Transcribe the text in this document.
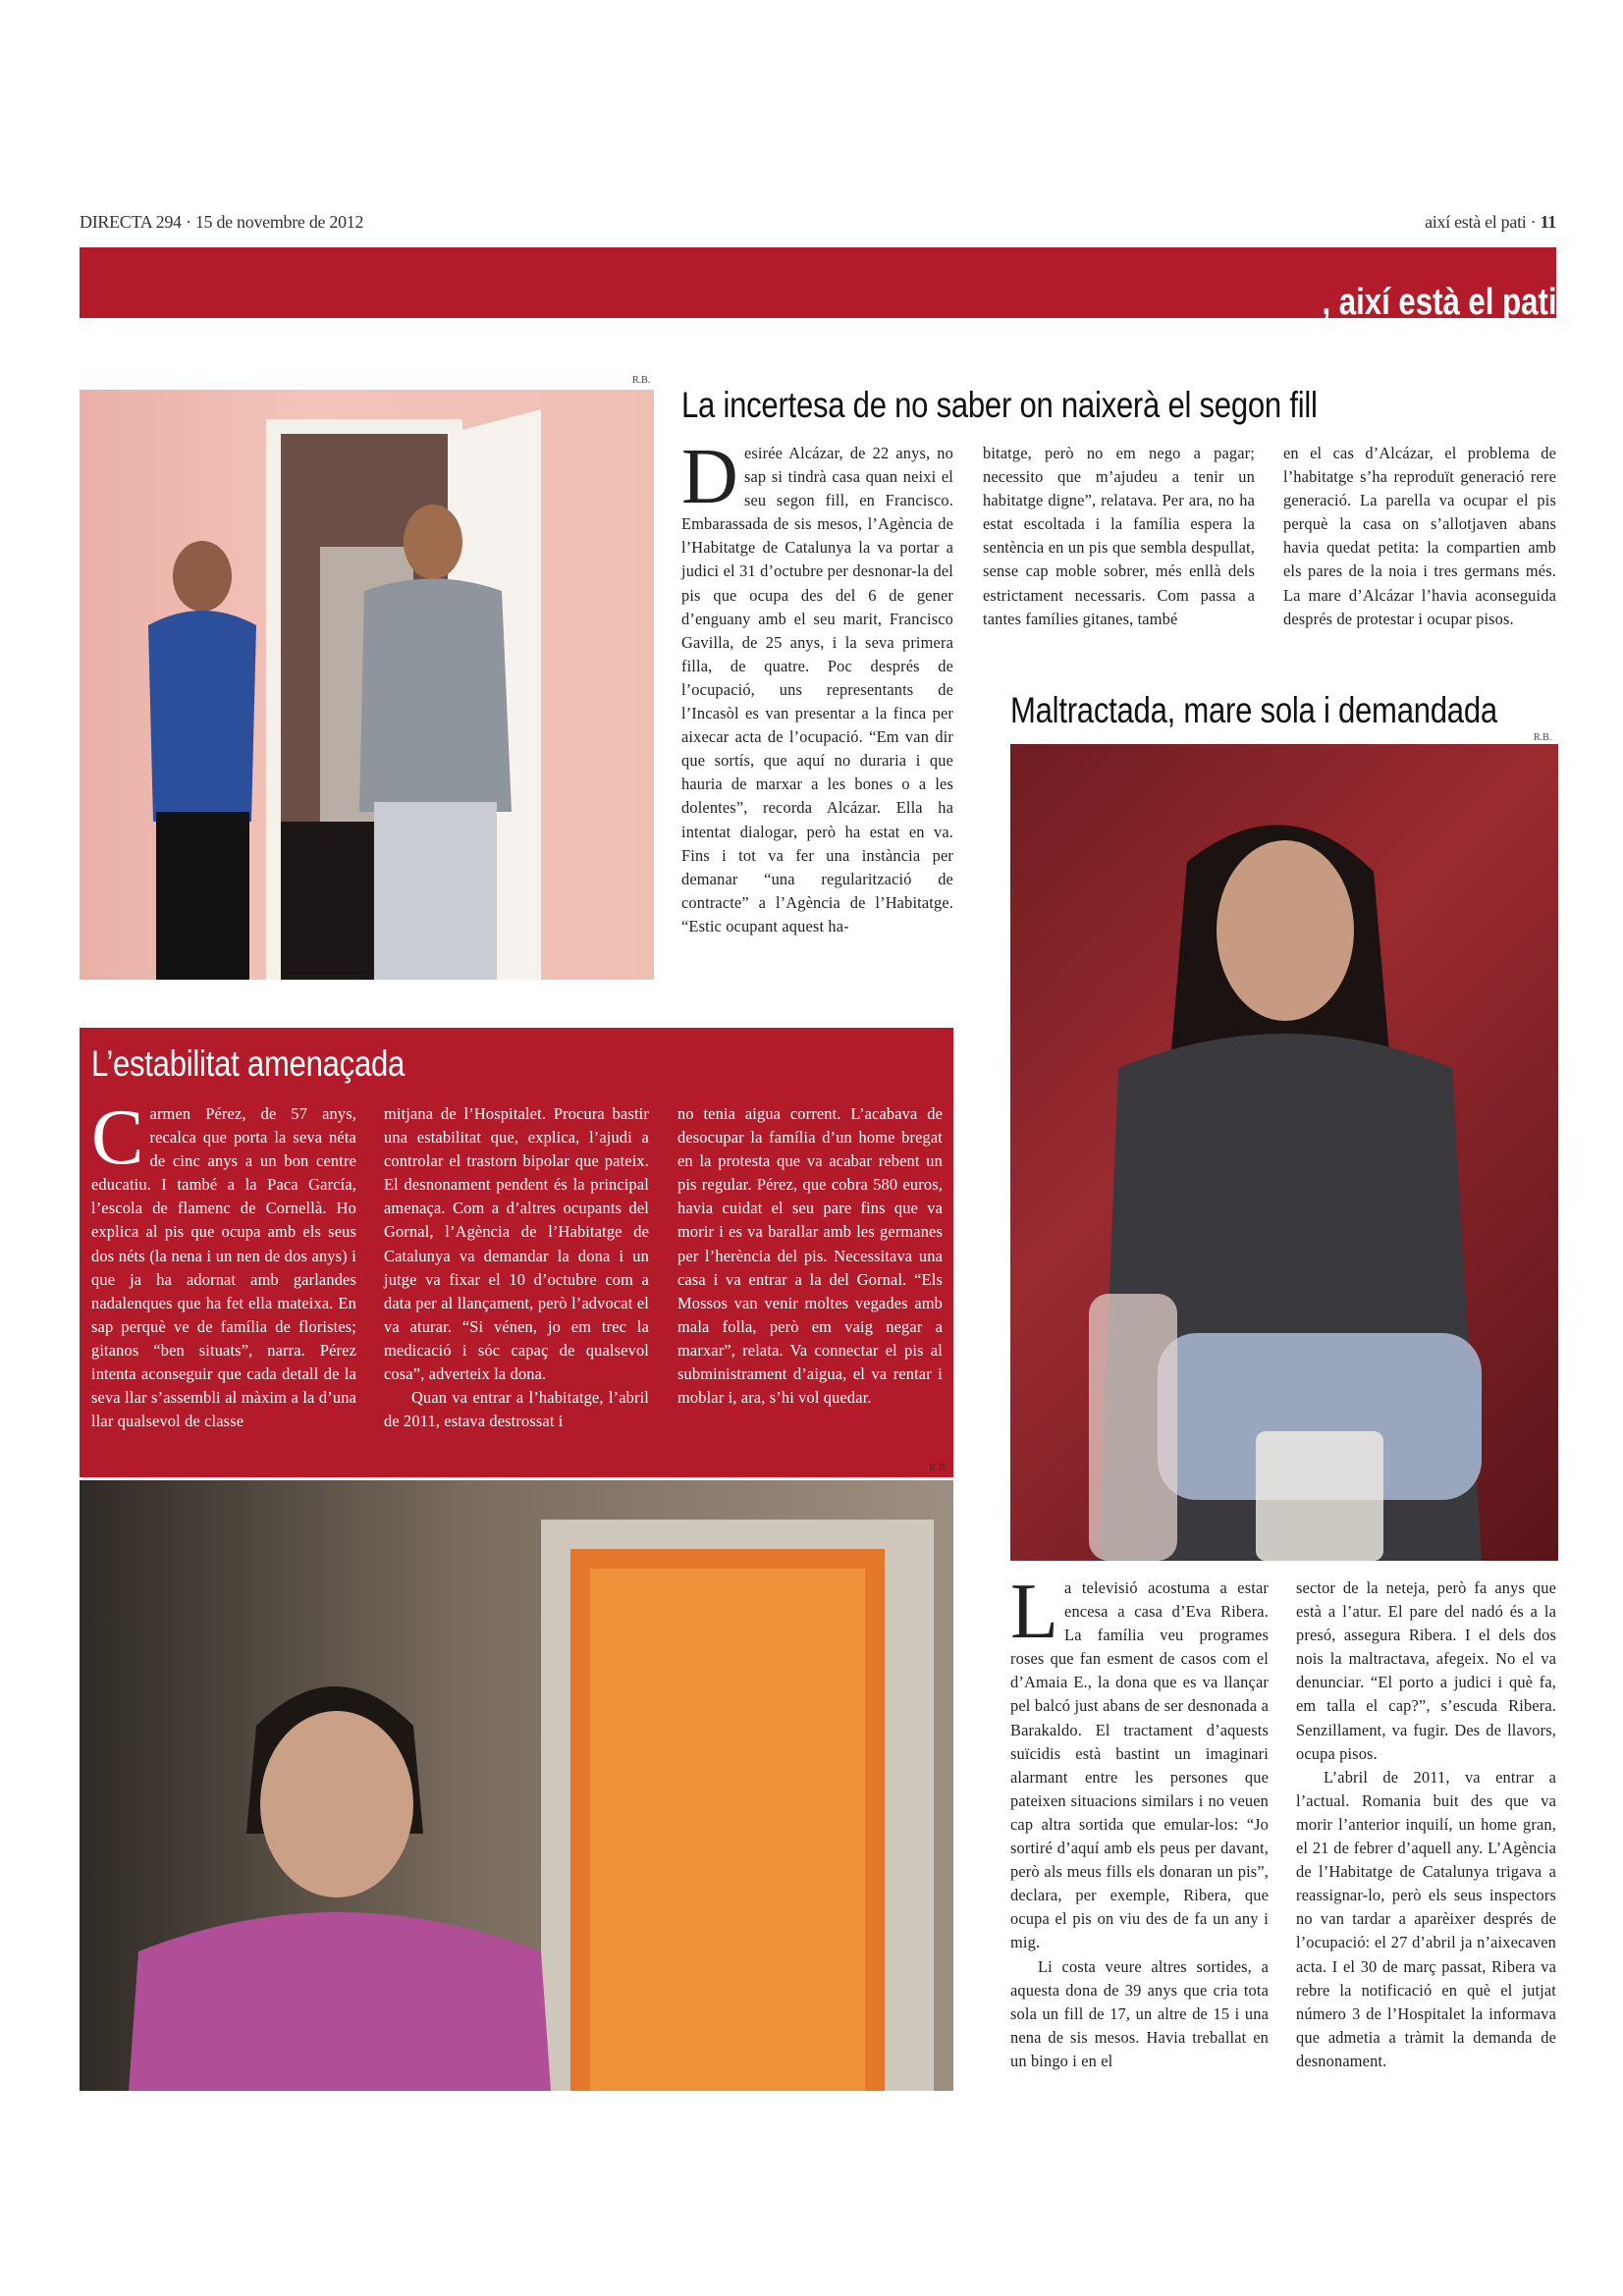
DIRECTA 294 · 15 de novembre de 2012	així està el pati · 11
, així està el pati
R.B.
La incertesa de no saber on naixerà el segon fill
D esirée Alcázar, de 22 anys, no sap si tindrà casa quan neixi el seu segon fill, en Francisco. Embarassada de sis mesos, l’Agència de l’Habitatge de Catalunya la va portar a judici el 31 d’octubre per desnonar-la del pis que ocupa des del 6 de gener d’enguany amb el seu marit, Francisco Gavilla, de 25 anys, i la seva primera filla, de quatre. Poc després de l’ocupació, uns representants de l’Incasòl es van presentar a la finca per aixecar acta de l’ocupació. “Em van dir que sortís, que aquí no duraria i que hauria de marxar a les bones o a les dolentes”, recorda Alcázar. Ella ha intentat dialogar, però ha estat en va. Fins i tot va fer una instància per demanar “una regularització de contracte” a l’Agència de l’Habitatge. “Estic ocupant aquest ha-

bitatge, però no em nego a pagar; necessito que m’ajudeu a tenir un habitatge digne”, relatava. Per ara, no ha estat escoltada i la família espera la sentència en un pis que sembla despullat, sense cap moble sobrer, més enllà dels estrictament necessaris. Com passa a tantes famílies gitanes, també

en el cas d’Alcázar, el problema de l’habitatge s’ha reproduït generació rere generació. La parella va ocupar el pis perquè la casa on s’allotjaven abans havia quedat petita: la compartien amb els pares de la noia i tres germans més. La mare d’Alcázar l’havia aconseguida després de protestar i ocupar pisos.

Maltractada, mare sola i demandada
R.B.
L a televisió acostuma a estar encesa a casa d’Eva Ribera. La família veu programes roses que fan esment de casos com el d’Amaia E., la dona que es va llançar pel balcó just abans de ser desnonada a Barakaldo. El tractament d’aquests suïcidis està bastint un imaginari alarmant entre les persones que pateixen situacions similars i no veuen cap altra sortida que emular-los: “Jo sortiré d’aquí amb els peus per davant, però als meus fills els donaran un pis”, declara, per exemple, Ribera, que ocupa el pis on viu des de fa un any i mig.

Li costa veure altres sortides, a aquesta dona de 39 anys que cria tota sola un fill de 17, un altre de 15 i una nena de sis mesos. Havia treballat en un bingo i en el

sector de la neteja, però fa anys que està a l’atur. El pare del nadó és a la presó, assegura Ribera. I el dels dos nois la maltractava, afegeix. No el va denunciar. “El porto a judici i què fa, em talla el cap?”, s’escuda Ribera. Senzillament, va fugir. Des de llavors, ocupa pisos.

L’abril de 2011, va entrar a l’actual. Romania buit des que va morir l’anterior inquilí, un home gran, el 21 de febrer d’aquell any. L’Agència de l’Habitatge de Catalunya trigava a reassignar-lo, però els seus inspectors no van tardar a aparèixer després de l’ocupació: el 27 d’abril ja n’aixecaven acta. I el 30 de març passat, Ribera va rebre la notificació en què el jutjat número 3 de l’Hospitalet la informava que admetia a tràmit la demanda de desnonament.

L’estabilitat amenaçada
C armen Pérez, de 57 anys, recalca que porta la seva néta de cinc anys a un bon centre educatiu. I també a la Paca García, l’escola de flamenc de Cornellà. Ho explica al pis que ocupa amb els seus dos néts (la nena i un nen de dos anys) i que ja ha adornat amb garlandes nadalenques que ha fet ella mateixa. En sap perquè ve de família de floristes; gitanos “ben situats”, narra. Pérez intenta aconseguir que cada detall de la seva llar s’assembli al màxim a la d’una llar qualsevol de classe

mitjana de l’Hospitalet. Procura bastir una estabilitat que, explica, l’ajudi a controlar el trastorn bipolar que pateix. El desnonament pendent és la principal amenaça. Com a d’altres ocupants del Gornal, l’Agència de l’Habitatge de Catalunya va demandar la dona i un jutge va fixar el 10 d’octubre com a data per al llançament, però l’advocat el va aturar. “Si vénen, jo em trec la medicació i sóc capaç de qualsevol cosa”, adverteix la dona.

Quan va entrar a l’habitatge, l’abril de 2011, estava destrossat i

no tenia aigua corrent. L’acabava de desocupar la família d’un home bregat en la protesta que va acabar rebent un pis regular. Pérez, que cobra 580 euros, havia cuidat el seu pare fins que va morir i es va barallar amb les germanes per l’herència del pis. Necessitava una casa i va entrar a la del Gornal. “Els Mossos van venir moltes vegades amb mala folla, però em vaig negar a marxar”, relata. Va connectar el pis al subministrament d’aigua, el va rentar i moblar i, ara, s’hi vol quedar.

R.B.
